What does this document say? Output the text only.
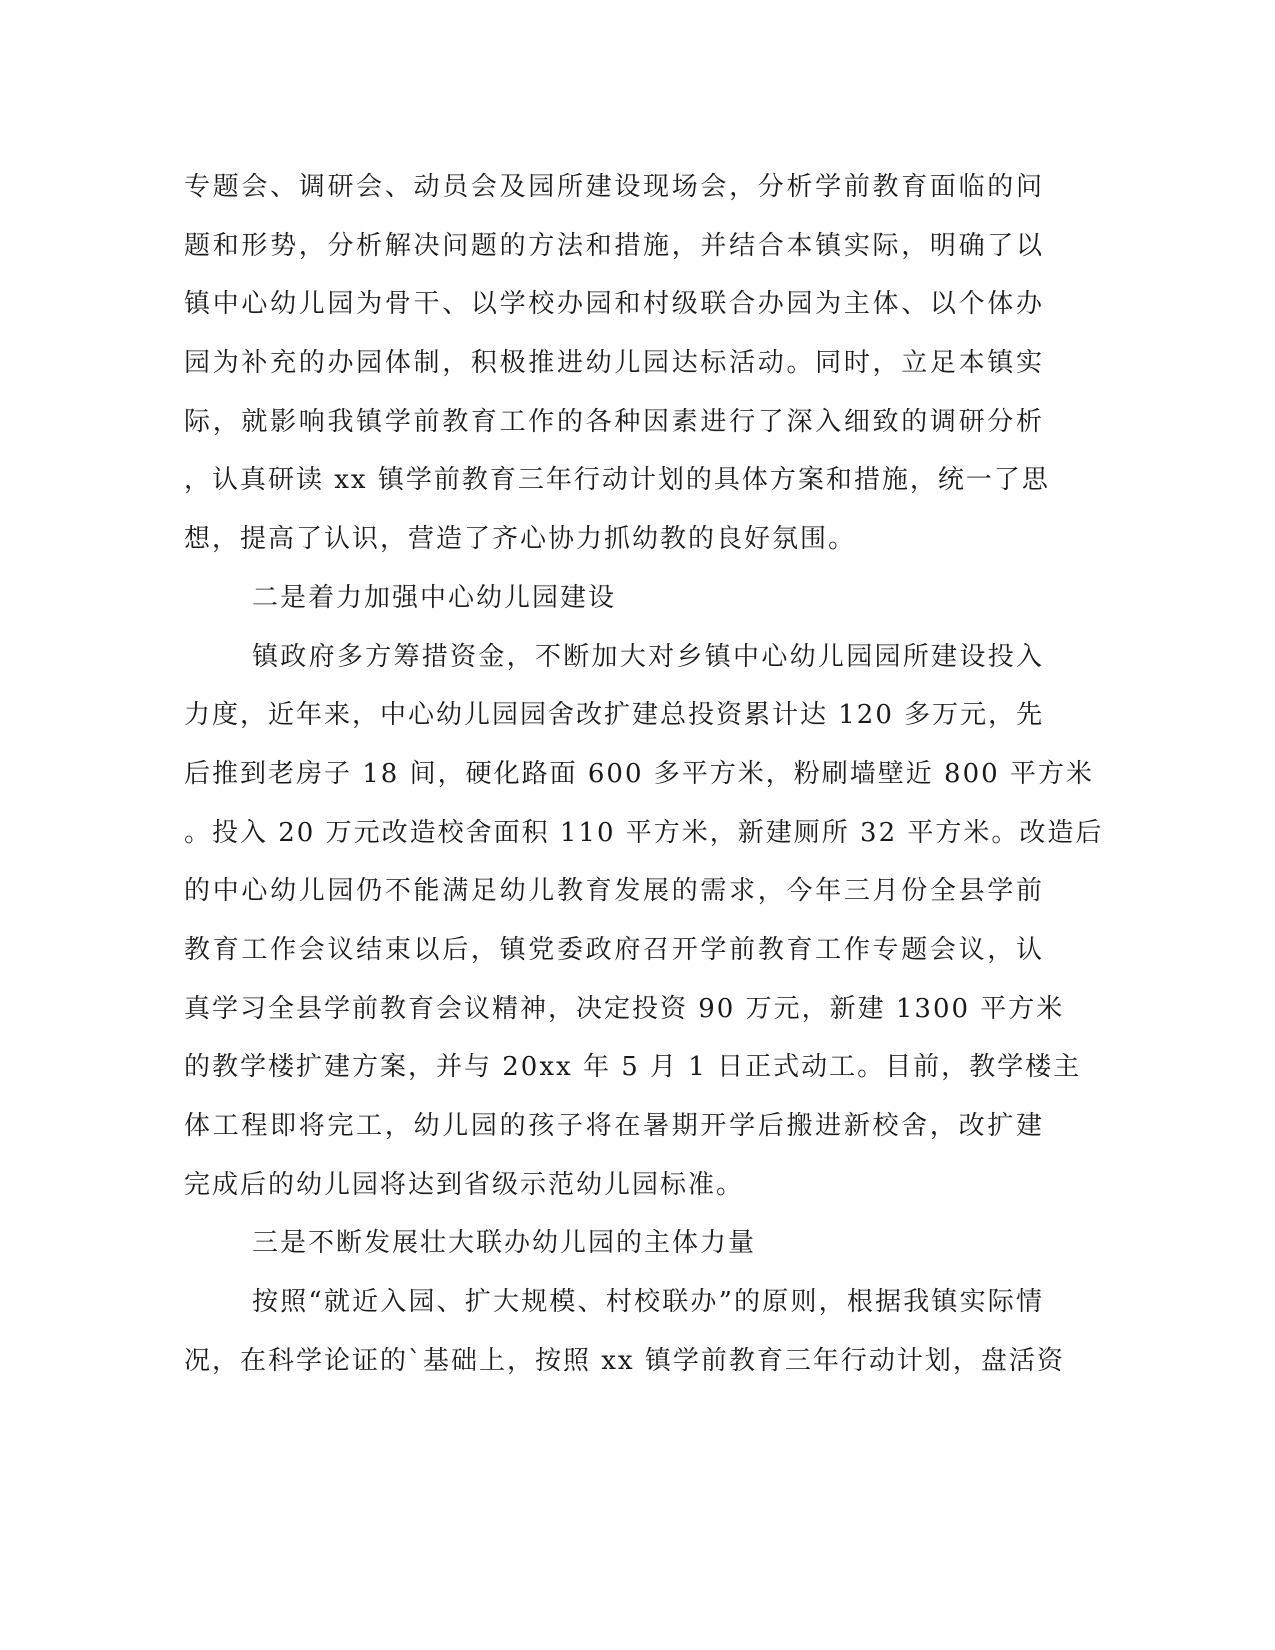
专题会、调研会、动员会及园所建设现场会，分析学前教育面临的问
题和形势，分析解决问题的方法和措施，并结合本镇实际，明确了以
镇中心幼儿园为骨干、以学校办园和村级联合办园为主体、以个体办
园为补充的办园体制，积极推进幼儿园达标活动。同时，立足本镇实
际，就影响我镇学前教育工作的各种因素进行了深入细致的调研分析
，认真研读 xx 镇学前教育三年行动计划的具体方案和措施，统一了思
想，提高了认识，营造了齐心协力抓幼教的良好氛围。
二是着力加强中心幼儿园建设
镇政府多方筹措资金，不断加大对乡镇中心幼儿园园所建设投入
力度，近年来，中心幼儿园园舍改扩建总投资累计达 120 多万元，先
后推到老房子 18 间，硬化路面 600 多平方米，粉刷墙壁近 800 平方米
。投入 20 万元改造校舍面积 110 平方米，新建厕所 32 平方米。改造后
的中心幼儿园仍不能满足幼儿教育发展的需求，今年三月份全县学前
教育工作会议结束以后，镇党委政府召开学前教育工作专题会议，认
真学习全县学前教育会议精神，决定投资 90 万元，新建 1300 平方米
的教学楼扩建方案，并与 20xx 年 5 月 1 日正式动工。目前，教学楼主
体工程即将完工，幼儿园的孩子将在暑期开学后搬进新校舍，改扩建
完成后的幼儿园将达到省级示范幼儿园标准。
三是不断发展壮大联办幼儿园的主体力量
按照“就近入园、扩大规模、村校联办”的原则，根据我镇实际情
况，在科学论证的`基础上，按照 xx 镇学前教育三年行动计划，盘活资
